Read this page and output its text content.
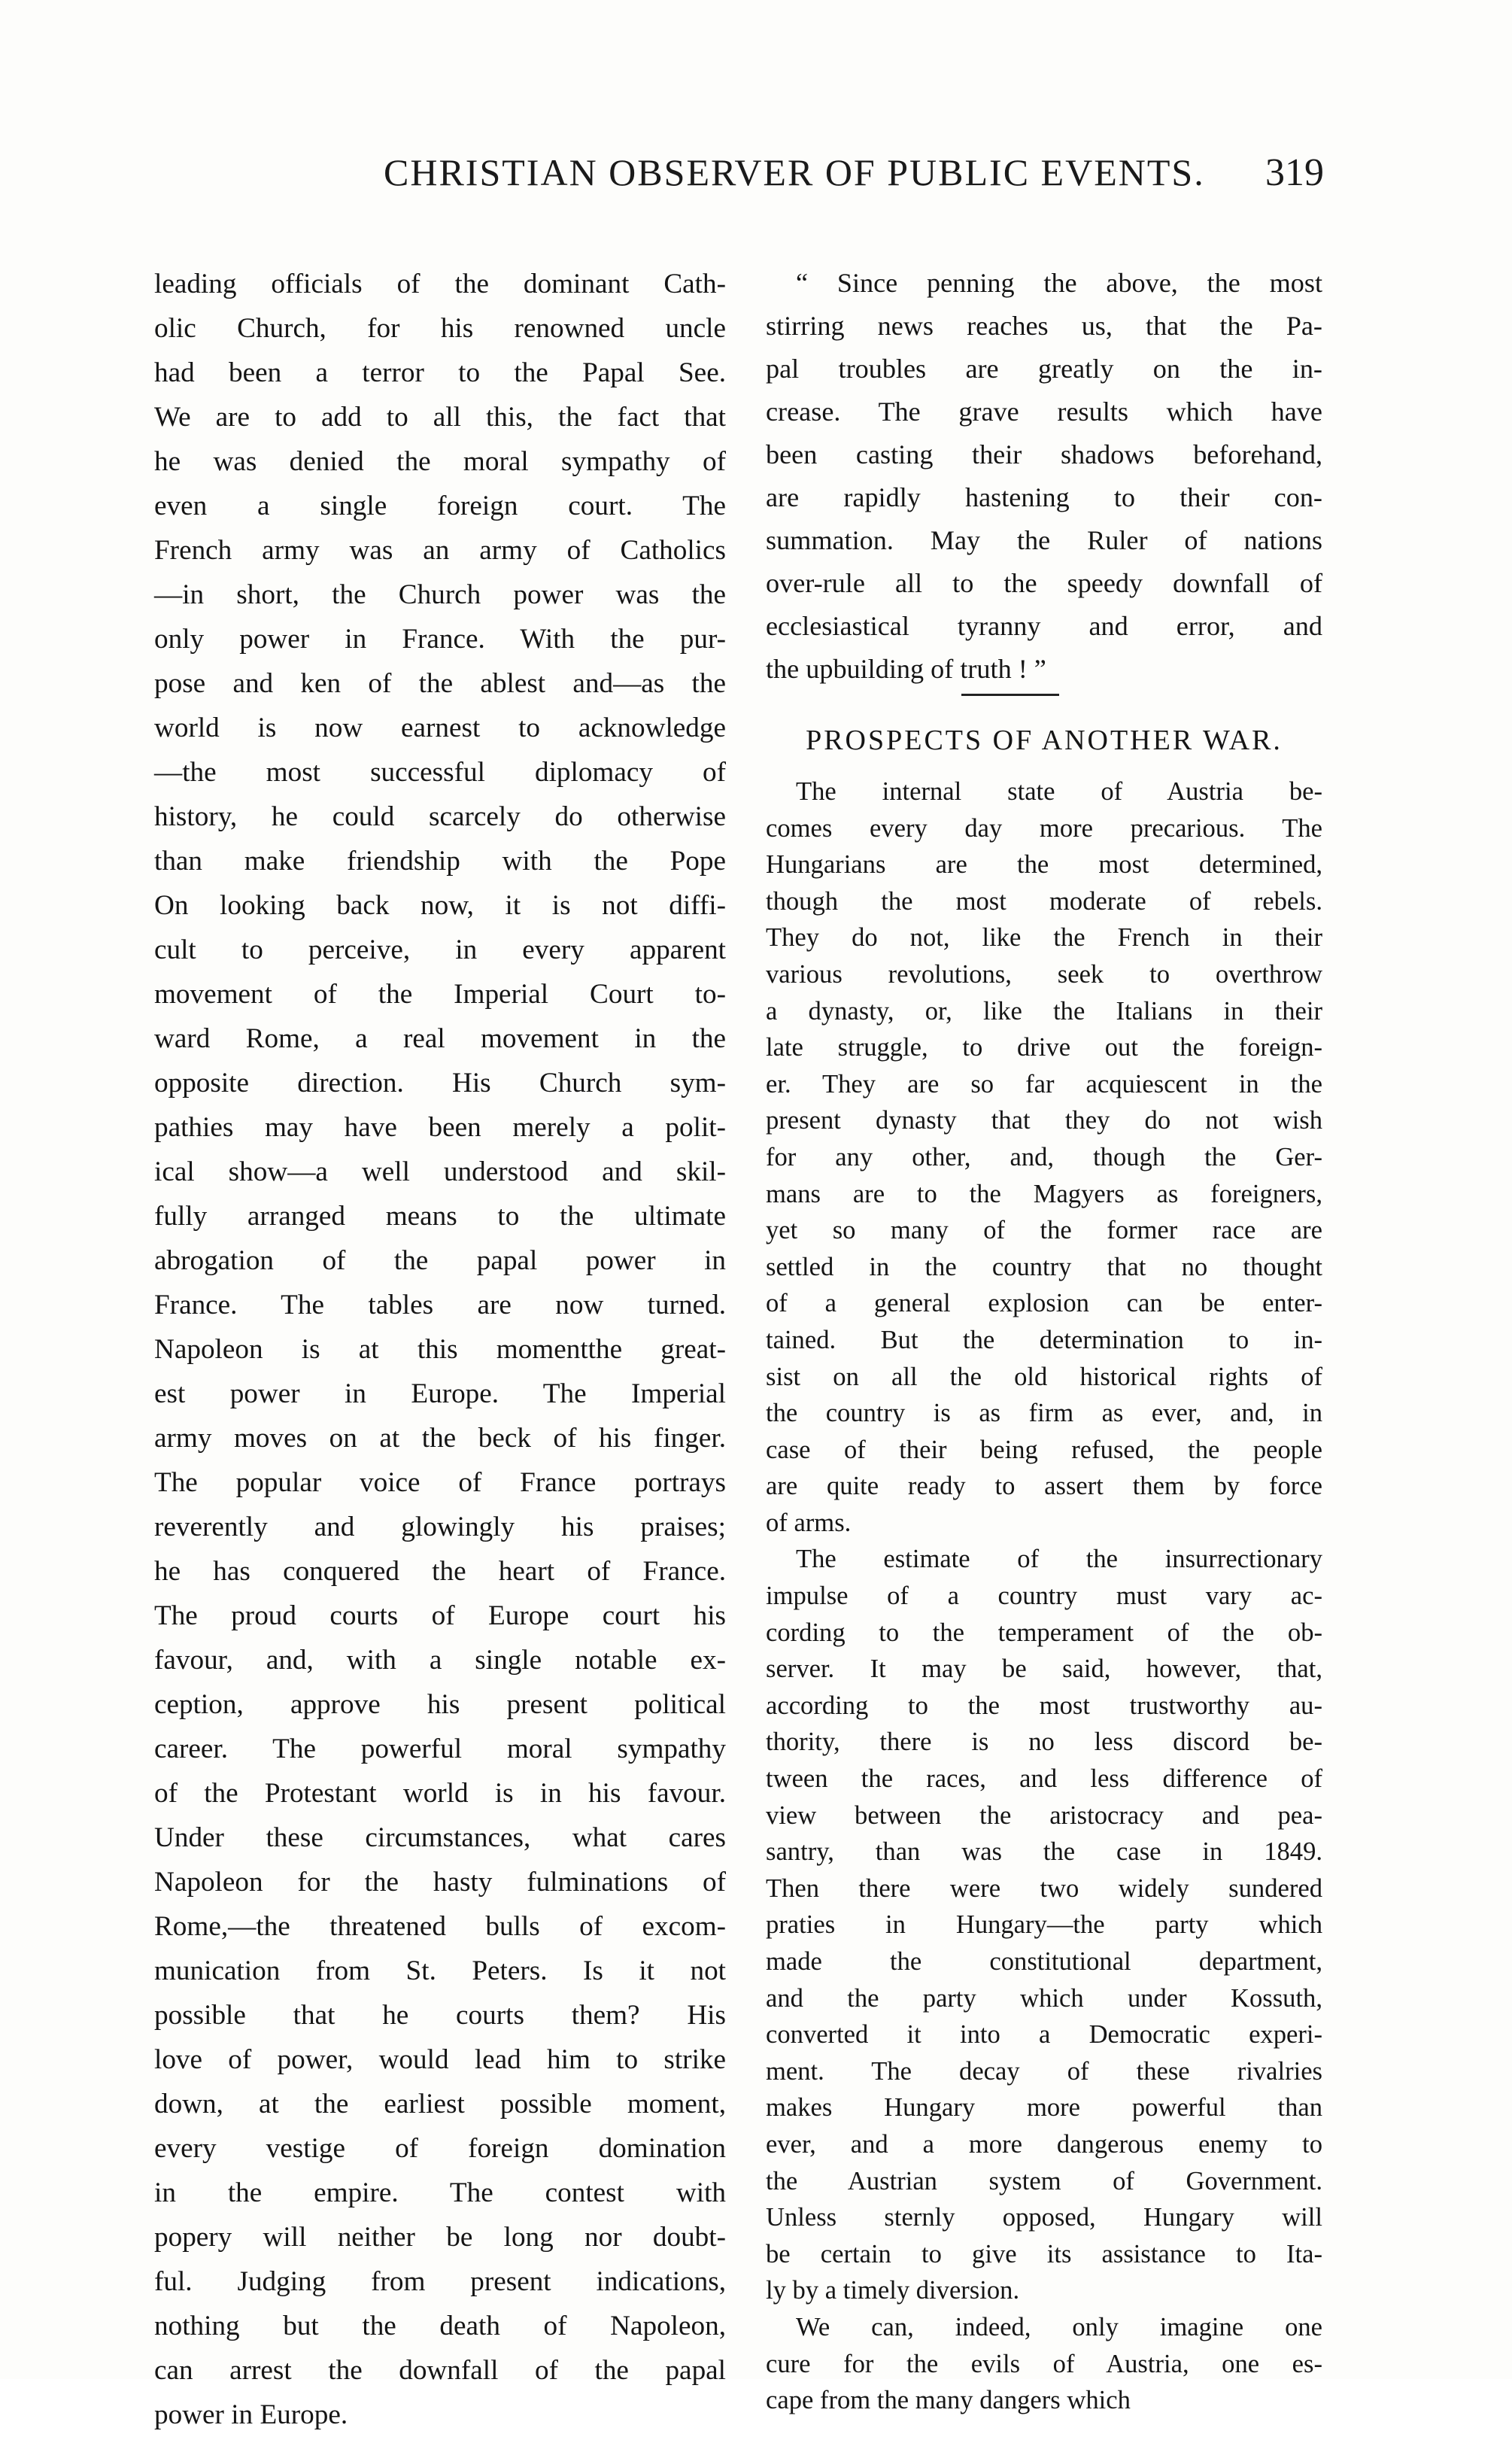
CHRISTIAN OBSERVER OF PUBLIC EVENTS. 319
leading officials of the dominant Cath-
olic Church, for his renowned uncle
had been a terror to the Papal See.
We are to add to all this, the fact that
he was denied the moral sympathy of
even a single foreign court. The
French army was an army of Catholics
—in short, the Church power was the
only power in France. With the pur-
pose and ken of the ablest and—as the
world is now earnest to acknowledge
—the most successful diplomacy of
history, he could scarcely do otherwise
than make friendship with the Pope
On looking back now, it is not diffi-
cult to perceive, in every apparent
movement of the Imperial Court to-
ward Rome, a real movement in the
opposite direction. His Church sym-
pathies may have been merely a polit-
ical show—a well understood and skil-
fully arranged means to the ultimate
abrogation of the papal power in
France. The tables are now turned.
Napoleon is at this momentthe great-
est power in Europe. The Imperial
army moves on at the beck of his finger.
The popular voice of France portrays
reverently and glowingly his praises;
he has conquered the heart of France.
The proud courts of Europe court his
favour, and, with a single notable ex-
ception, approve his present political
career. The powerful moral sympathy
of the Protestant world is in his favour.
Under these circumstances, what cares
Napoleon for the hasty fulminations of
Rome,—the threatened bulls of excom-
munication from St. Peters. Is it not
possible that he courts them? His
love of power, would lead him to strike
down, at the earliest possible moment,
every vestige of foreign domination
in the empire. The contest with
popery will neither be long nor doubt-
ful. Judging from present indications,
nothing but the death of Napoleon,
can arrest the downfall of the papal
power in Europe.
“ Since penning the above, the most
stirring news reaches us, that the Pa-
pal troubles are greatly on the in-
crease. The grave results which have
been casting their shadows beforehand,
are rapidly hastening to their con-
summation. May the Ruler of nations
over-rule all to the speedy downfall of
ecclesiastical tyranny and error, and
the upbuilding of truth ! ”
PROSPECTS OF ANOTHER WAR.
The internal state of Austria be-
comes every day more precarious. The
Hungarians are the most determined,
though the most moderate of rebels.
They do not, like the French in their
various revolutions, seek to overthrow
a dynasty, or, like the Italians in their
late struggle, to drive out the foreign-
er. They are so far acquiescent in the
present dynasty that they do not wish
for any other, and, though the Ger-
mans are to the Magyers as foreigners,
yet so many of the former race are
settled in the country that no thought
of a general explosion can be enter-
tained. But the determination to in-
sist on all the old historical rights of
the country is as firm as ever, and, in
case of their being refused, the people
are quite ready to assert them by force
of arms.
The estimate of the insurrectionary
impulse of a country must vary ac-
cording to the temperament of the ob-
server. It may be said, however, that,
according to the most trustworthy au-
thority, there is no less discord be-
tween the races, and less difference of
view between the aristocracy and pea-
santry, than was the case in 1849.
Then there were two widely sundered
praties in Hungary—the party which
made the constitutional department,
and the party which under Kossuth,
converted it into a Democratic experi-
ment. The decay of these rivalries
makes Hungary more powerful than
ever, and a more dangerous enemy to
the Austrian system of Government.
Unless sternly opposed, Hungary will
be certain to give its assistance to Ita-
ly by a timely diversion.
We can, indeed, only imagine one
cure for the evils of Austria, one es-
cape from the many dangers which
